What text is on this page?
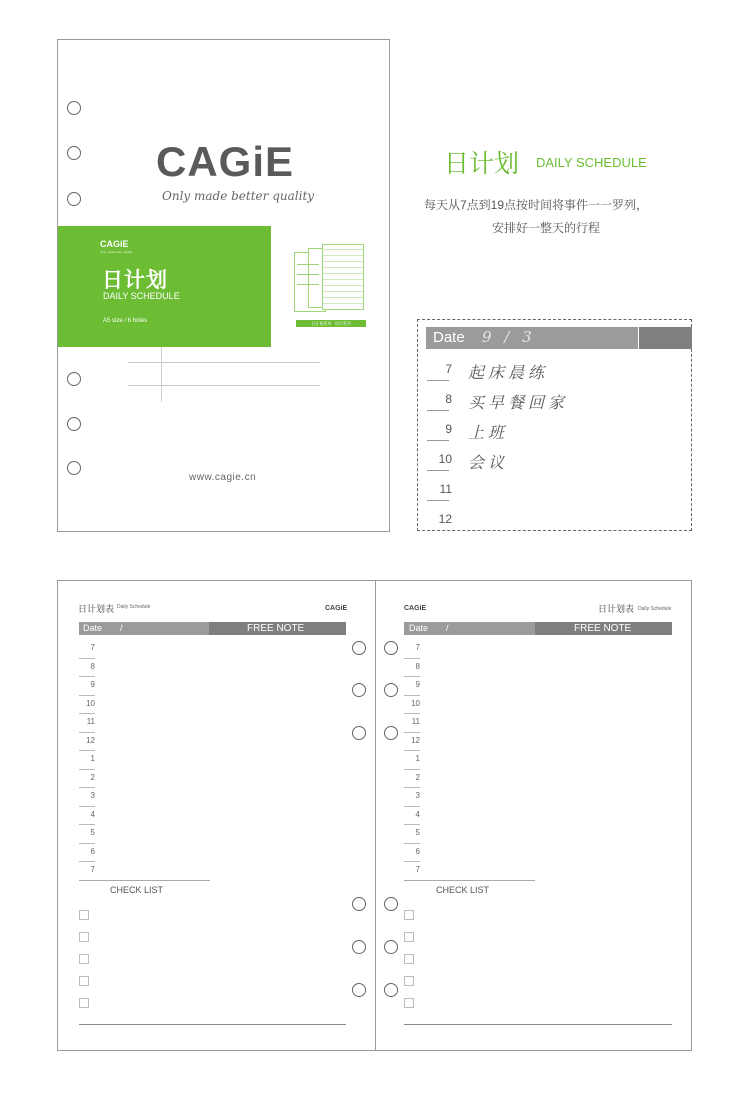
CAGiE
Only made better quality
CAGiE
Only made better quality
日计划
DAILY SCHEDULE
A5 size / 6 holes	日计划系列 · 活页系列
www.cagie.cn
日计划 DAILY SCHEDULE
每天从7点到19点按时间将事件一一罗列，
安排好一整天的行程
Date 9 / 3
7 起床晨练
8 买早餐回家
9 上班
10 会议
11
12
日计划表 Daily Schedule	CAGiE
Date /	FREE NOTE
7
8
9
10
11
12
1
2
3
4
5
6
7
CHECK LIST
CAGiE	日计划表 Daily Schedule
Date /	FREE NOTE
7
8
9
10
11
12
1
2
3
4
5
6
7
CHECK LIST
